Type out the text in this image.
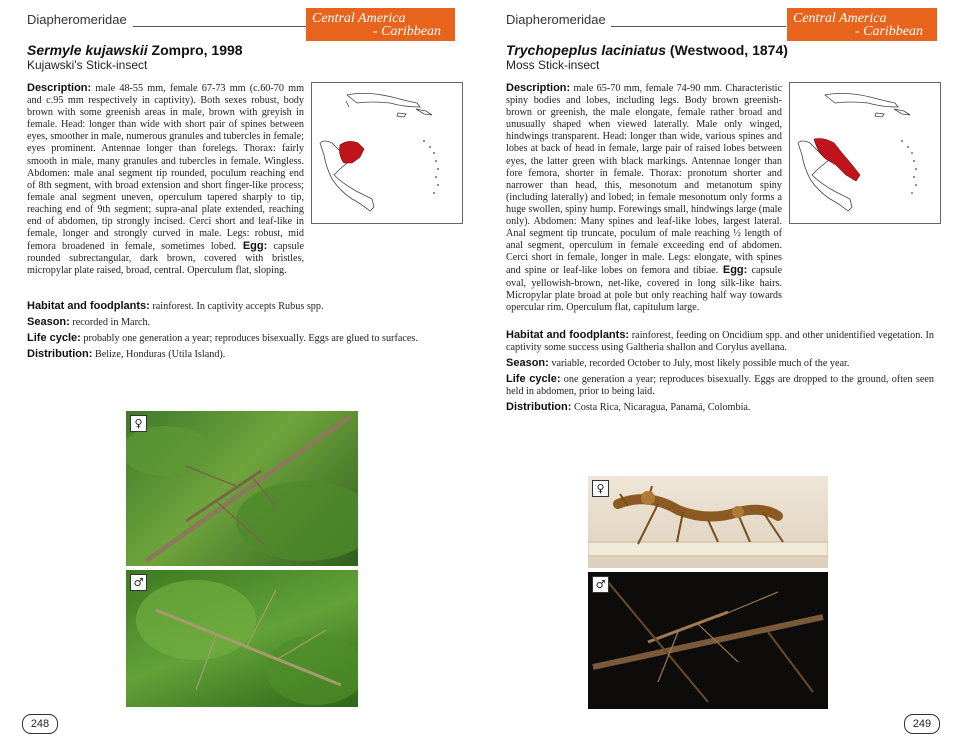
Diapheromeridae	Central America
- Caribbean
Sermyle kujawskii Zompro, 1998
Kujawski's Stick-insect

Description: male 48-55 mm, female 67-73 mm (c.60-70 mm and c.95 mm respectively in captivity). Both sexes robust, body brown with some greenish areas in male, brown with greyish in female. Head: longer than wide with short pair of spines between eyes, smoother in male, numerous granules and tubercles in female; eyes prominent. Antennae longer than forelegs. Thorax: fairly smooth in male, many granules and tubercles in female. Wingless. Abdomen: male anal segment tip rounded, poculum reaching end of 8th segment, with broad extension and short finger-like process; female anal segment uneven, operculum tapered sharply to tip, reaching end of 9th segment; supra-anal plate extended, reaching end of abdomen, tip strongly incised. Cerci short and leaf-like in female, longer and strongly curved in male. Legs: robust, mid femora broadened in female, sometimes lobed. Egg: capsule rounded subrectangular, dark brown, covered with bristles, micropylar plate raised, broad, central. Operculum flat, sloping.

Habitat and foodplants: rainforest. In captivity accepts Rubus spp.

Season: recorded in March.

Life cycle: probably one generation a year; reproduces bisexually. Eggs are glued to surfaces.

Distribution: Belize, Honduras (Utila Island).

♀
♂
248
Diapheromeridae	Central America
- Caribbean
Trychopeplus laciniatus (Westwood, 1874)
Moss Stick-insect

Description: male 65-70 mm, female 74-90 mm. Characteristic spiny bodies and lobes, including legs. Body brown greenish-brown or greenish, the male elongate, female rather broad and unusually shaped when viewed laterally. Male only winged, hindwings transparent. Head: longer than wide, various spines and lobes at back of head in female, large pair of raised lobes between eyes, the latter green with black markings. Antennae longer than fore femora, shorter in female. Thorax: pronotum shorter and narrower than head, this, mesonotum and metanotum spiny (including laterally) and lobed; in female mesonotum only forms a huge swollen, spiny hump. Forewings small, hindwings large (male only). Abdomen: Many spines and leaf-like lobes, largest lateral. Anal segment tip truncate, poculum of male reaching ½ length of anal segment, operculum in female exceeding end of abdomen. Cerci short in female, longer in male. Legs: elongate, with spines and spine or leaf-like lobes on femora and tibiae. Egg: capsule oval, yellowish-brown, net-like, covered in long silk-like hairs. Micropylar plate broad at pole but only reaching half way towards opercular rim. Operculum flat, capitulum large.

Habitat and foodplants: rainforest, feeding on Oncidium spp. and other unidentified vegetation. In captivity some success using Galtheria shallon and Corylus avellana.

Season: variable, recorded October to July, most likely possible much of the year.

Life cycle: one generation a year; reproduces bisexually. Eggs are dropped to the ground, often seen held in abdomen, prior to being laid.

Distribution: Costa Rica, Nicaragua, Panamá, Colombia.

♀
♂
249
